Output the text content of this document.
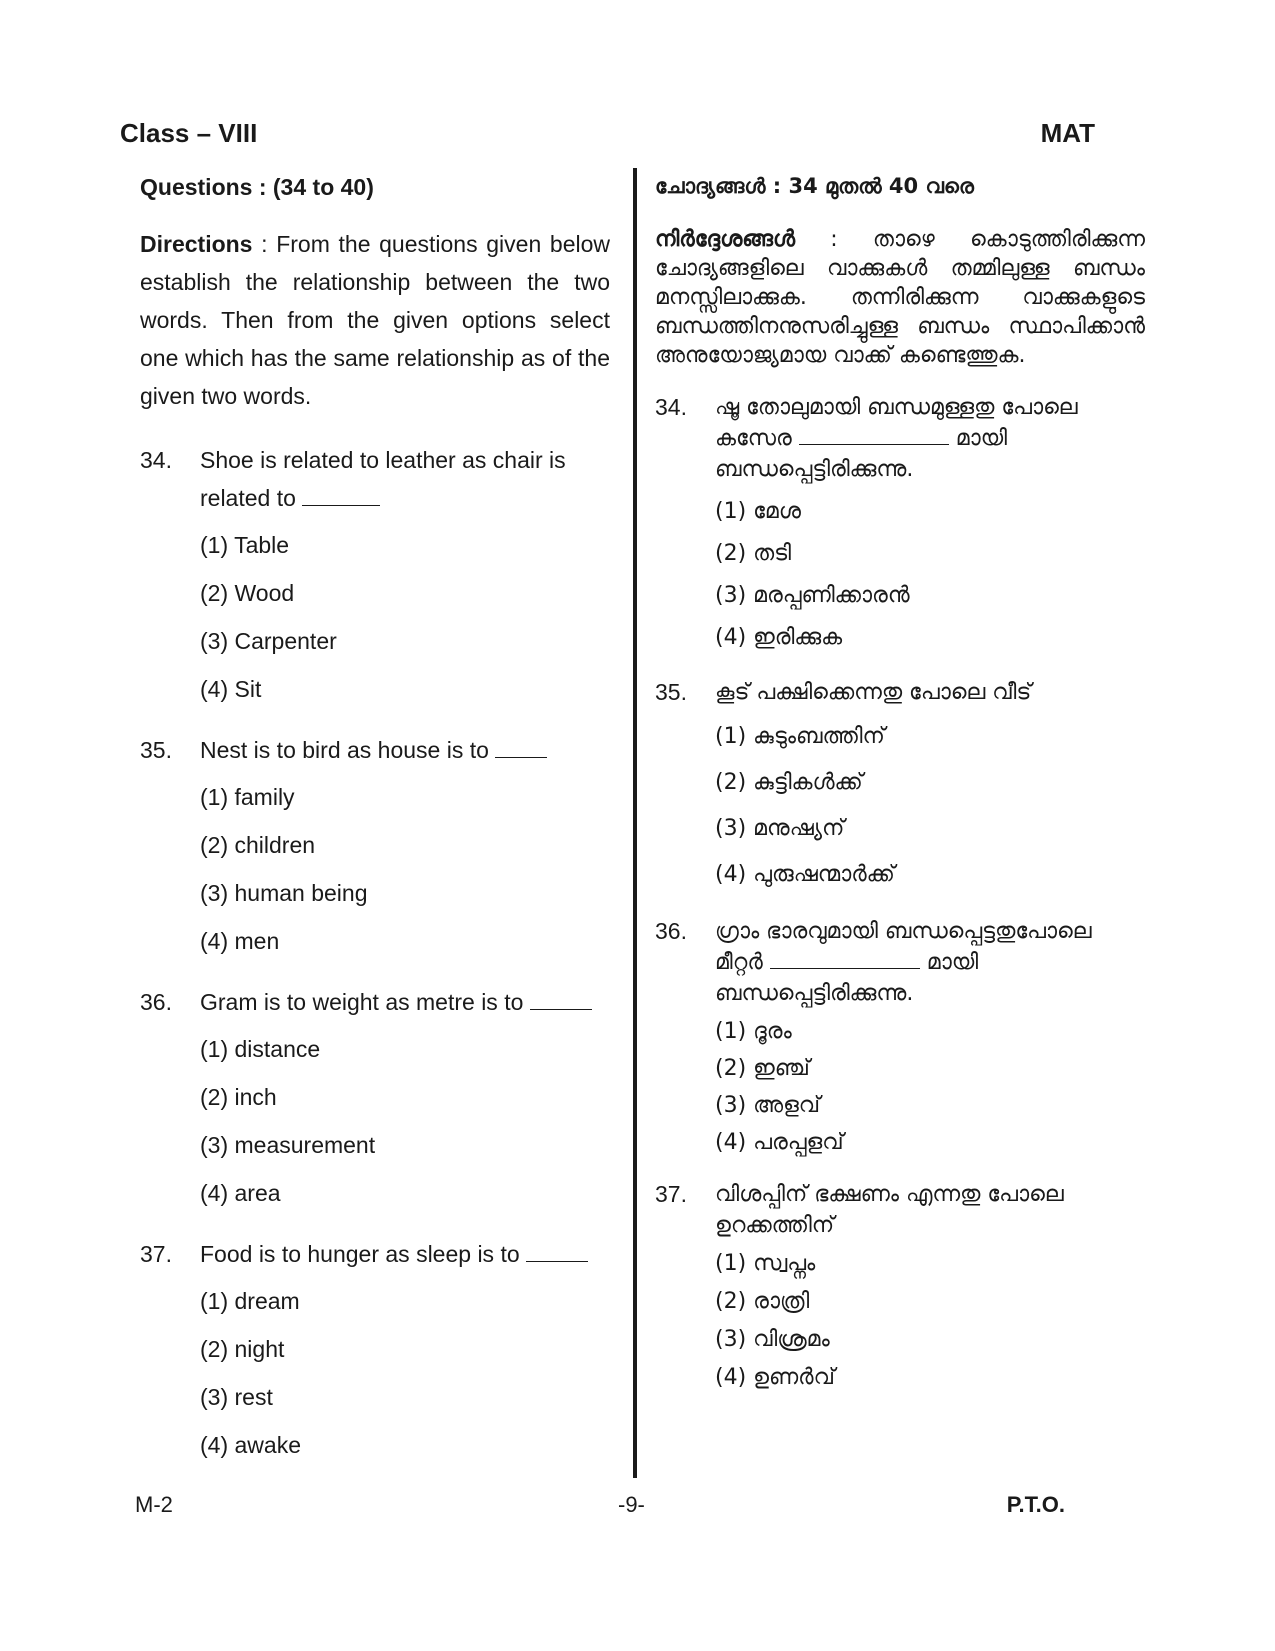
Class – VIII	MAT
Questions : (34 to 40)
Directions : From the questions given below establish the relationship between the two words. Then from the given options select one which has the same relationship as of the given two words.
34.	Shoe is related to leather as chair is related to
(1) Table
(2) Wood
(3) Carpenter
(4) Sit
35.	Nest is to bird as house is to
(1) family
(2) children
(3) human being
(4) men
36.	Gram is to weight as metre is to
(1) distance
(2) inch
(3) measurement
(4) area
37.	Food is to hunger as sleep is to
(1) dream
(2) night
(3) rest
(4) awake
ചോദ്യങ്ങൾ : 34 മുതൽ 40 വരെ
നിർദ്ദേശങ്ങൾ : താഴെ കൊടുത്തിരിക്കുന്ന ചോദ്യങ്ങളിലെ വാക്കുകൾ തമ്മിലുള്ള ബന്ധം മനസ്സിലാക്കുക. തന്നിരിക്കുന്ന വാക്കുകളുടെ ബന്ധത്തിനനുസരിച്ചുള്ള ബന്ധം സ്ഥാപിക്കാൻ അനുയോജ്യമായ വാക്ക് കണ്ടെത്തുക.
34.	ഷൂ തോലുമായി ബന്ധമുള്ളതു പോലെ കസേര	മായി ബന്ധപ്പെട്ടിരിക്കുന്നു.
(1) മേശ
(2) തടി
(3) മരപ്പണിക്കാരൻ
(4) ഇരിക്കുക
35.	കൂട് പക്ഷിക്കെന്നതു പോലെ വീട്
(1) കുടുംബത്തിന്
(2) കുട്ടികൾക്ക്
(3) മനുഷ്യന്
(4) പുരുഷന്മാർക്ക്
36.	ഗ്രാം ഭാരവുമായി ബന്ധപ്പെട്ടതുപോലെ മീറ്റർ	മായി ബന്ധപ്പെട്ടിരിക്കുന്നു.
(1) ദൂരം
(2) ഇഞ്ച്
(3) അളവ്
(4) പരപ്പളവ്
37.	വിശപ്പിന് ഭക്ഷണം എന്നതു പോലെ ഉറക്കത്തിന്
(1) സ്വപ്നം
(2) രാത്രി
(3) വിശ്രമം
(4) ഉണർവ്
M-2	-9-	P.T.O.
